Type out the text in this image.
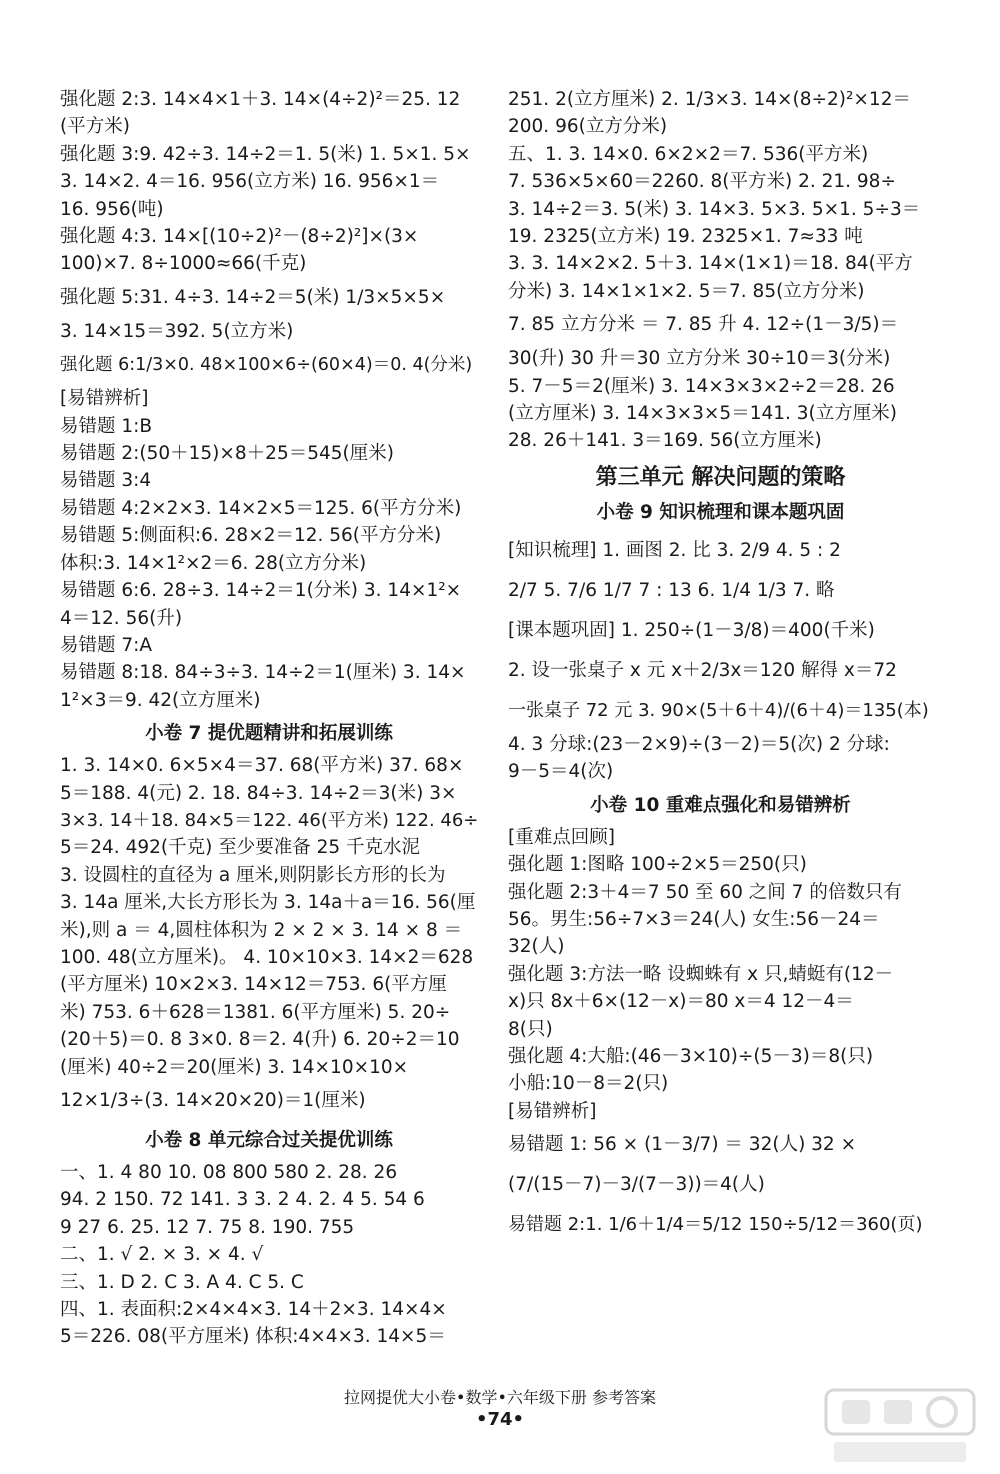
强化题 2:3. 14×4×1＋3. 14×(4÷2)²＝25. 12
(平方米)
强化题 3:9. 42÷3. 14÷2＝1. 5(米) 1. 5×1. 5×
3. 14×2. 4＝16. 956(立方米) 16. 956×1＝
16. 956(吨)
强化题 4:3. 14×[(10÷2)²－(8÷2)²]×(3×
100)×7. 8÷1000≈66(千克)
强化题 5:31. 4÷3. 14÷2＝5(米) 1/3×5×5×
3. 14×15＝392. 5(立方米)
强化题 6:1/3×0. 48×100×6÷(60×4)＝0. 4(分米)
[易错辨析]
易错题 1:B
易错题 2:(50＋15)×8＋25＝545(厘米)
易错题 3:4
易错题 4:2×2×3. 14×2×5＝125. 6(平方分米)
易错题 5:侧面积:6. 28×2＝12. 56(平方分米)
体积:3. 14×1²×2＝6. 28(立方分米)
易错题 6:6. 28÷3. 14÷2＝1(分米) 3. 14×1²×
4＝12. 56(升)
易错题 7:A
易错题 8:18. 84÷3÷3. 14÷2＝1(厘米) 3. 14×
1²×3＝9. 42(立方厘米)
小卷 7 提优题精讲和拓展训练
1. 3. 14×0. 6×5×4＝37. 68(平方米) 37. 68×
5＝188. 4(元) 2. 18. 84÷3. 14÷2＝3(米) 3×
3×3. 14＋18. 84×5＝122. 46(平方米) 122. 46÷
5＝24. 492(千克) 至少要准备 25 千克水泥
3. 设圆柱的直径为 a 厘米,则阴影长方形的长为
3. 14a 厘米,大长方形长为 3. 14a＋a＝16. 56(厘
米),则 a ＝ 4,圆柱体积为 2 × 2 × 3. 14 × 8 ＝
100. 48(立方厘米)。 4. 10×10×3. 14×2＝628
(平方厘米) 10×2×3. 14×12＝753. 6(平方厘
米) 753. 6＋628＝1381. 6(平方厘米) 5. 20÷
(20＋5)＝0. 8 3×0. 8＝2. 4(升) 6. 20÷2＝10
(厘米) 40÷2＝20(厘米) 3. 14×10×10×
12×1/3÷(3. 14×20×20)＝1(厘米)
小卷 8 单元综合过关提优训练
一、1. 4 80 10. 08 800 580 2. 28. 26
94. 2 150. 72 141. 3 3. 2 4. 2. 4 5. 54 6
9 27 6. 25. 12 7. 75 8. 190. 755
二、1. √ 2. × 3. × 4. √
三、1. D 2. C 3. A 4. C 5. C
四、1. 表面积:2×4×4×3. 14＋2×3. 14×4×
5＝226. 08(平方厘米) 体积:4×4×3. 14×5＝
251. 2(立方厘米) 2. 1/3×3. 14×(8÷2)²×12＝
200. 96(立方分米)
五、1. 3. 14×0. 6×2×2＝7. 536(平方米)
7. 536×5×60＝2260. 8(平方米) 2. 21. 98÷
3. 14÷2＝3. 5(米) 3. 14×3. 5×3. 5×1. 5÷3＝
19. 2325(立方米) 19. 2325×1. 7≈33 吨
3. 3. 14×2×2. 5＋3. 14×(1×1)＝18. 84(平方
分米) 3. 14×1×1×2. 5＝7. 85(立方分米)
7. 85 立方分米 ＝ 7. 85 升 4. 12÷(1－3/5)＝
30(升) 30 升＝30 立方分米 30÷10＝3(分米)
5. 7－5＝2(厘米) 3. 14×3×3×2÷2＝28. 26
(立方厘米) 3. 14×3×3×5＝141. 3(立方厘米)
28. 26＋141. 3＝169. 56(立方厘米)
第三单元 解决问题的策略
小卷 9 知识梳理和课本题巩固
[知识梳理] 1. 画图 2. 比 3. 2/9 4. 5 : 2
2/7 5. 7/6 1/7 7 : 13 6. 1/4 1/3 7. 略
[课本题巩固] 1. 250÷(1－3/8)＝400(千米)
2. 设一张桌子 x 元 x＋2/3x＝120 解得 x＝72
一张桌子 72 元 3. 90×(5＋6＋4)/(6＋4)＝135(本)
4. 3 分球:(23－2×9)÷(3－2)＝5(次) 2 分球:
9－5＝4(次)
小卷 10 重难点强化和易错辨析
[重难点回顾]
强化题 1:图略 100÷2×5＝250(只)
强化题 2:3＋4＝7 50 至 60 之间 7 的倍数只有
56。男生:56÷7×3＝24(人) 女生:56－24＝
32(人)
强化题 3:方法一略 设蜘蛛有 x 只,蜻蜓有(12－
x)只 8x＋6×(12－x)＝80 x＝4 12－4＝
8(只)
强化题 4:大船:(46－3×10)÷(5－3)＝8(只)
小船:10－8＝2(只)
[易错辨析]
易错题 1: 56 × (1－3/7) ＝ 32(人) 32 ×
(7/(15－7)－3/(7－3))＝4(人)
易错题 2:1. 1/6＋1/4＝5/12 150÷5/12＝360(页)
拉网提优大小卷•数学•六年级下册 参考答案
•74•
